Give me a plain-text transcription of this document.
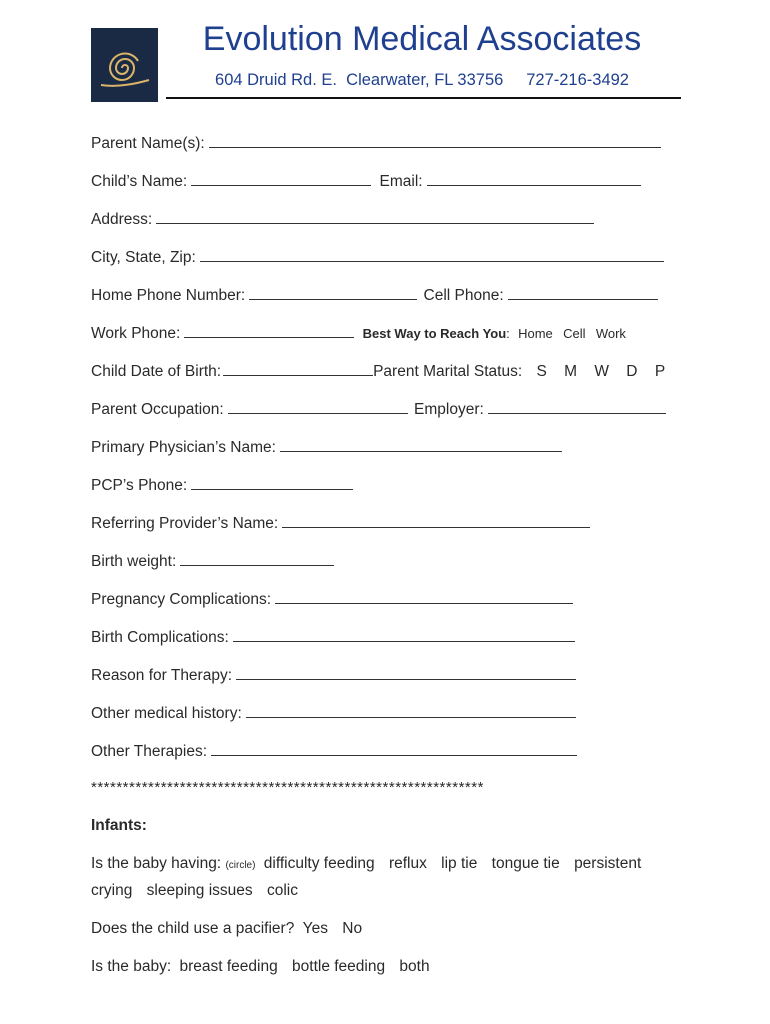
Evolution Medical Associates
604 Druid Rd. E.  Clearwater, FL 33756     727-216-3492
Parent Name(s):
Child’s Name:	Email:
Address:
City, State, Zip:
Home Phone Number:	Cell Phone:
Work Phone:	Best Way to Reach You: Home Cell Work
Child Date of Birth:	Parent Marital Status: S M W D P
Parent Occupation:	Employer:
Primary Physician’s Name:
PCP’s Phone:
Referring Provider’s Name:
Birth weight:
Pregnancy Complications:
Birth Complications:
Reason for Therapy:
Other medical history:
Other Therapies:
**************************************************************
Infants:
Is the baby having: (circle) difficulty feeding reflux lip tie tongue tie persistent
crying sleeping issues colic
Does the child use a pacifier? Yes No
Is the baby: breast feeding bottle feeding both
